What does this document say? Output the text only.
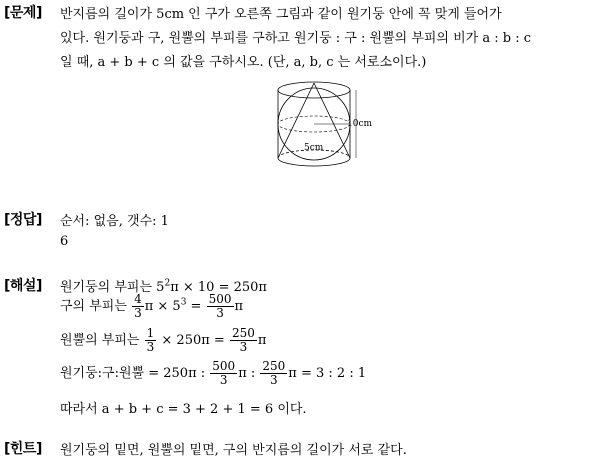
[문제] 반지름의 길이가 5cm 인 구가 오른쪽 그림과 같이 원기둥 안에 꼭 맞게 들어가
있다. 원기둥과 구, 원뿔의 부피를 구하고 원기둥 : 구 : 원뿔의 부피의 비가 a : b : c
일 때, a + b + c 의 값을 구하시오. (단, a, b, c 는 서로소이다.)
10cm
5cm
[정답] 순서: 없음, 갯수: 1
6
[해설] 원기둥의 부피는 $5^2\pi \times 10 = 250\pi$
구의 부피는 $\frac{4}{3}$ $\pi \times 5^3 = \frac{500}{3}$ π
원뿔의 부피는 $\frac{1}{3} \times 250\pi = \frac{250}{3}$ π
원기둥:구:원뿔 = 250π : $\frac{500}{3}$ π : $\frac{250}{3}$ π = 3 : 2 : 1
따라서 a + b + c = 3 + 2 + 1 = 6 이다.
[힌트] 원기둥의 밑면, 원뿔의 밑면, 구의 반지름의 길이가 서로 같다.
